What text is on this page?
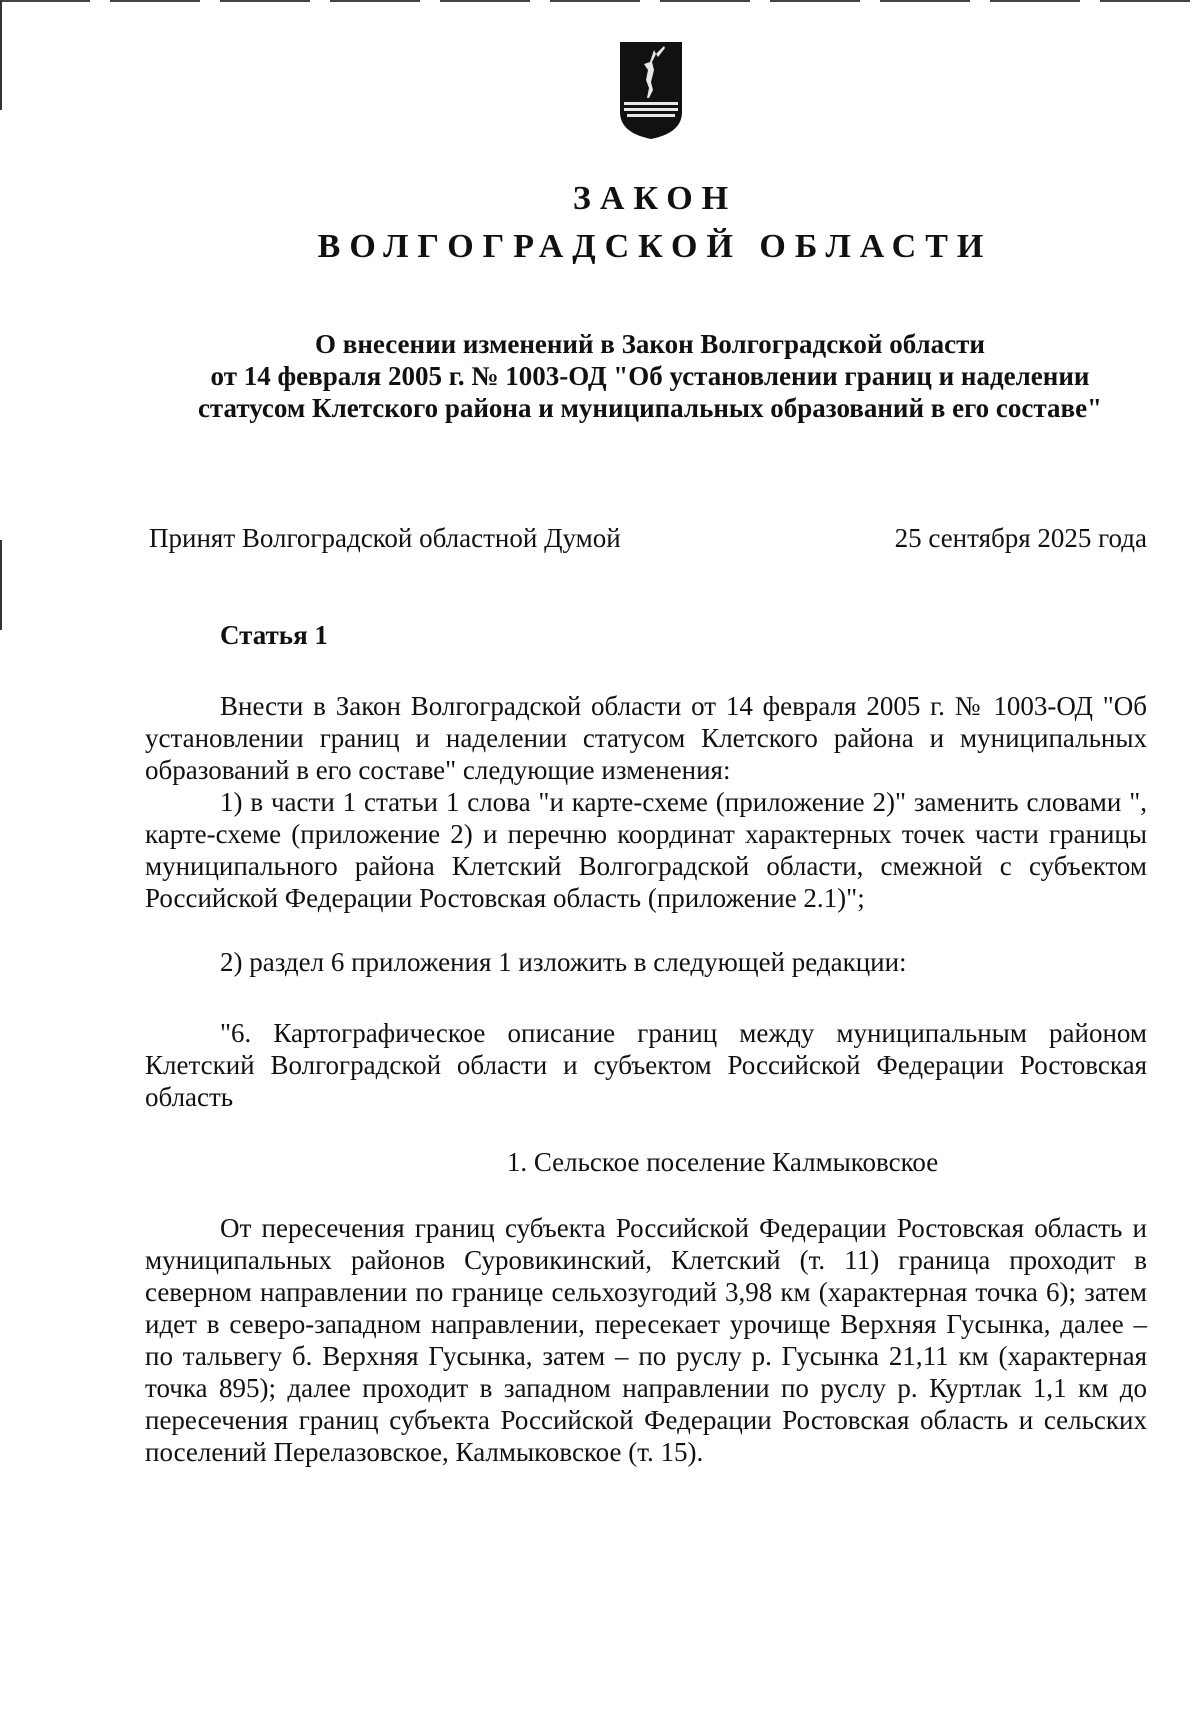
ЗАКОН
ВОЛГОГРАДСКОЙ ОБЛАСТИ
О внесении изменений в Закон Волгоградской области
от 14 февраля 2005 г. № 1003-ОД "Об установлении границ и наделении
статусом Клетского района и муниципальных образований в его составе"
Принят Волгоградской областной Думой	25 сентября 2025 года
Статья 1
Внести в Закон Волгоградской области от 14 февраля 2005 г. № 1003-ОД "Об установлении границ и наделении статусом Клетского района и муниципальных образований в его составе" следующие изменения:
1) в части 1 статьи 1 слова "и карте-схеме (приложение 2)" заменить словами ", карте-схеме (приложение 2) и перечню координат характерных точек части границы муниципального района Клетский Волгоградской области, смежной с субъектом Российской Федерации Ростовская область (приложение 2.1)";
2) раздел 6 приложения 1 изложить в следующей редакции:
"6. Картографическое описание границ между муниципальным районом Клетский Волгоградской области и субъектом Российской Федерации Ростовская область
1. Сельское поселение Калмыковское
От пересечения границ субъекта Российской Федерации Ростовская область и муниципальных районов Суровикинский, Клетский (т. 11) граница проходит в северном направлении по границе сельхозугодий 3,98 км (характерная точка 6); затем идет в северо-западном направлении, пересекает урочище Верхняя Гусынка, далее – по тальвегу б. Верхняя Гусынка, затем – по руслу р. Гусынка 21,11 км (характерная точка 895); далее проходит в западном направлении по руслу р. Куртлак 1,1 км до пересечения границ субъекта Российской Федерации Ростовская область и сельских поселений Перелазовское, Калмыковское (т. 15).
